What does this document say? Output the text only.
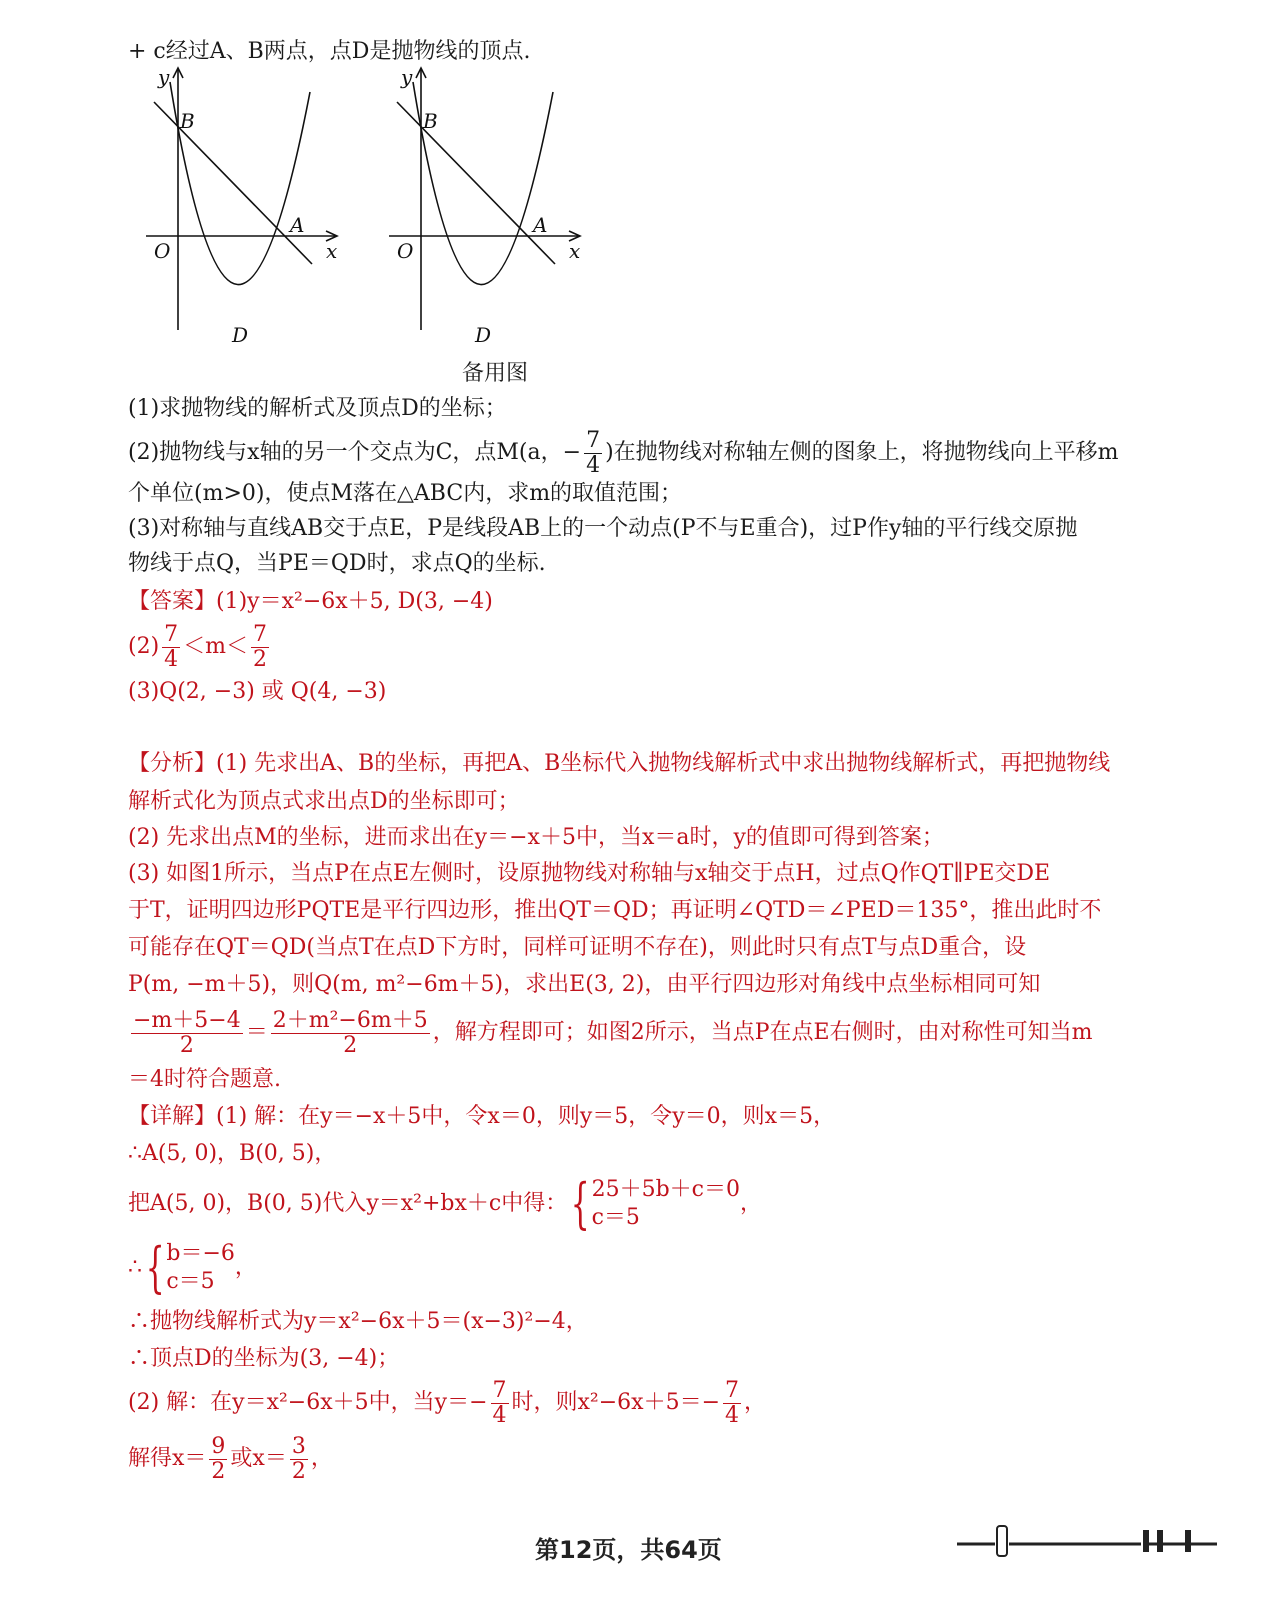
+ c经过A、B两点，点D是抛物线的顶点.
y
B
A
O	x
D
y
B
A
O	x
D
备用图
(1)求抛物线的解析式及顶点D的坐标；
(2)抛物线与x轴的另一个交点为C，点M(a，− $\frac{7}{4}$ )在抛物线对称轴左侧的图象上，将抛物线向上平移m
个单位(m>0)，使点M落在△ABC内，求m的取值范围；
(3)对称轴与直线AB交于点E，P是线段AB上的一个动点(P不与E重合)，过P作y轴的平行线交原抛
物线于点Q，当PE＝QD时，求点Q的坐标.
【答案】(1)y＝x²−6x＋5, D(3, −4)
$(2) \frac{7}{4} <m< \frac{7}{2}$
(3)Q(2, −3) 或 Q(4, −3)
【分析】(1) 先求出A、B的坐标，再把A、B坐标代入抛物线解析式中求出抛物线解析式，再把抛物线
解析式化为顶点式求出点D的坐标即可；
(2) 先求出点M的坐标，进而求出在y＝−x＋5中，当x＝a时，y的值即可得到答案；
(3) 如图1所示，当点P在点E左侧时，设原抛物线对称轴与x轴交于点H，过点Q作QT∥PE交DE
于T，证明四边形PQTE是平行四边形，推出QT＝QD；再证明∠QTD＝∠PED＝135°，推出此时不
可能存在QT＝QD(当点T在点D下方时，同样可证明不存在)，则此时只有点T与点D重合，设
P(m, −m＋5)，则Q(m, m²−6m＋5)，求出E(3, 2)，由平行四边形对角线中点坐标相同可知
$\frac{-m+5-4}{2} = \frac{\text{2＋m²−6m＋5}}{2}$ ，解方程即可；如图2所示，当点P在点E右侧时，由对称性可知当m
＝4时符合题意.
【详解】(1) 解：在y＝−x＋5中，令x＝0，则y＝5，令y＝0，则x＝5，
∴A(5, 0)，B(0, 5)，
把A(5, 0)，B(0, 5)代入y＝x²+bx＋c中得：{ 25＋5b＋c＝0
c＝5
，
∴{ b＝−6
c＝5
，
∴抛物线解析式为y＝x²−6x＋5＝(x−3)²−4，
∴顶点D的坐标为(3, −4)；
(2) 解：在y＝x²−6x＋5中，当$y=- \frac{7}{4}$ 时，则$x^2-6x+5=- \frac{7}{4}$ ，
解得$x= \frac{9}{2}$ 或$x= \frac{3}{2}$ ，
第12页，共64页
